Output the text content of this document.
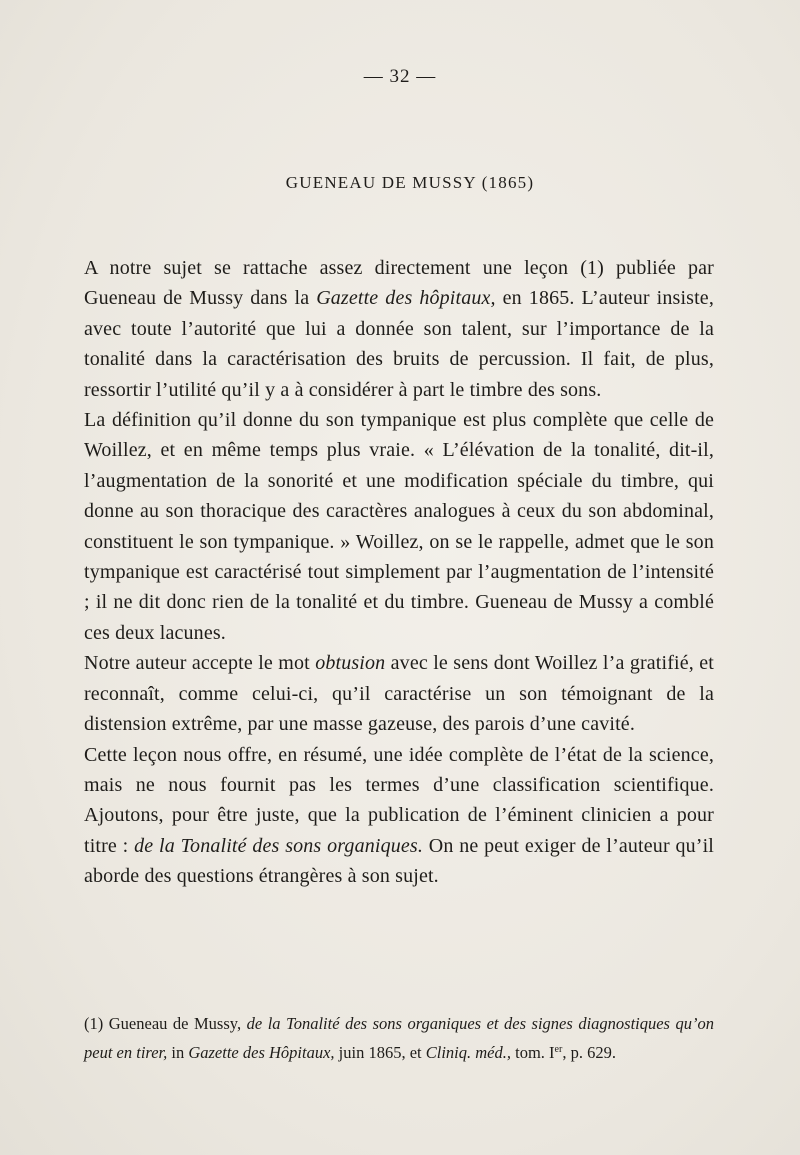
— 32 —
GUENEAU DE MUSSY (1865)

A notre sujet se rattache assez directement une leçon (1) publiée par Gueneau de Mussy dans la Gazette des hôpitaux, en 1865. L’auteur insiste, avec toute l’autorité que lui a donnée son talent, sur l’importance de la tonalité dans la caractérisation des bruits de percussion. Il fait, de plus, ressortir l’utilité qu’il y a à considérer à part le timbre des sons.

La définition qu’il donne du son tympanique est plus complète que celle de Woillez, et en même temps plus vraie. « L’élévation de la tonalité, dit-il, l’augmentation de la sonorité et une modification spéciale du timbre, qui donne au son thoracique des caractères analogues à ceux du son abdominal, constituent le son tympanique. » Woillez, on se le rappelle, admet que le son tympanique est caractérisé tout simplement par l’augmentation de l’intensité ; il ne dit donc rien de la tonalité et du timbre. Gueneau de Mussy a comblé ces deux lacunes.

Notre auteur accepte le mot obtusion avec le sens dont Woillez l’a gratifié, et reconnaît, comme celui-ci, qu’il caractérise un son témoignant de la distension extrême, par une masse gazeuse, des parois d’une cavité.

Cette leçon nous offre, en résumé, une idée complète de l’état de la science, mais ne nous fournit pas les termes d’une classification scientifique. Ajoutons, pour être juste, que la publication de l’éminent clinicien a pour titre : de la Tonalité des sons organiques. On ne peut exiger de l’auteur qu’il aborde des questions étrangères à son sujet.

(1) Gueneau de Mussy, de la Tonalité des sons organiques et des signes diagnostiques qu’on peut en tirer, in Gazette des Hôpitaux, juin 1865, et Cliniq. méd., tom. Ier, p. 629.
